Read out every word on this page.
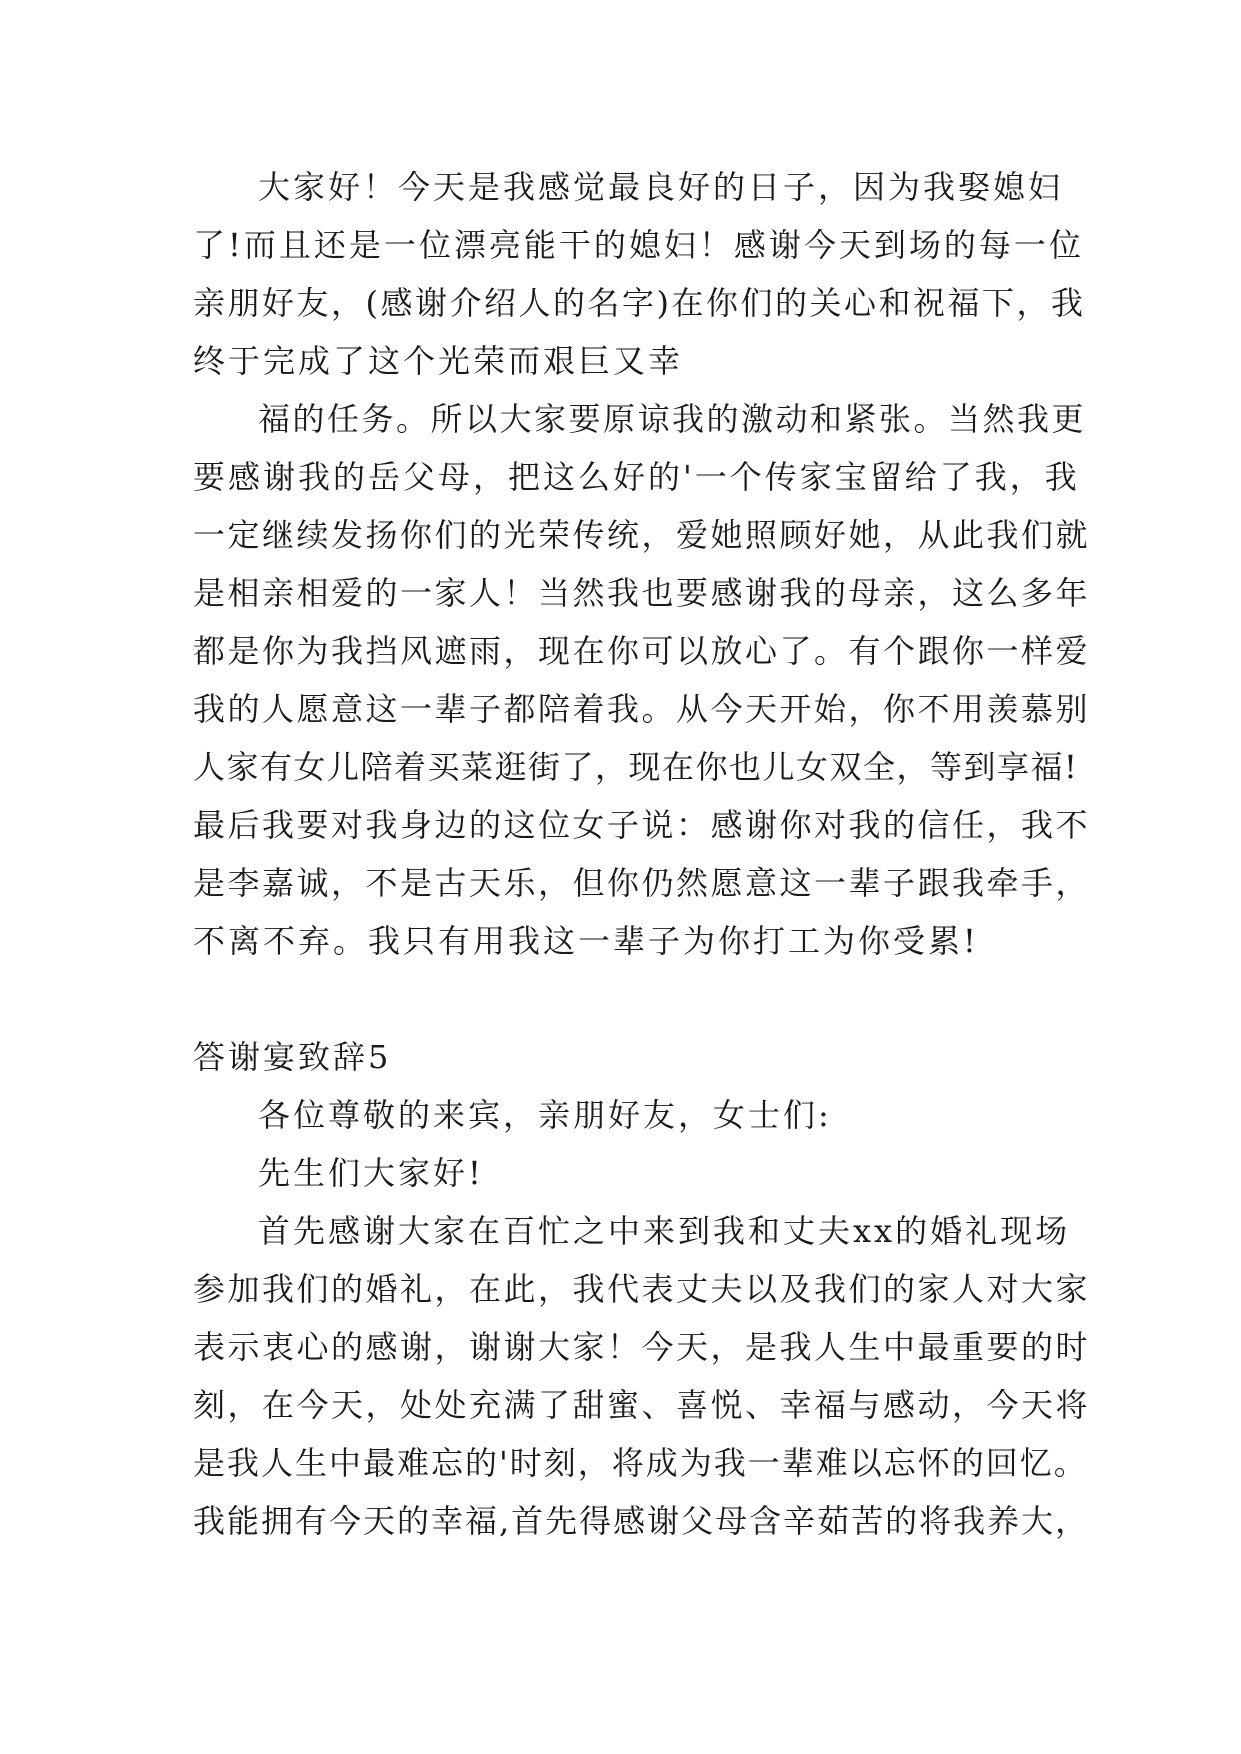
大家好！今天是我感觉最良好的日子，因为我娶媳妇
了!而且还是一位漂亮能干的媳妇！感谢今天到场的每一位
亲朋好友，(感谢介绍人的名字)在你们的关心和祝福下，我
终于完成了这个光荣而艰巨又幸
福的任务。所以大家要原谅我的激动和紧张。当然我更
要感谢我的岳父母，把这么好的'一个传家宝留给了我，我
一定继续发扬你们的光荣传统，爱她照顾好她，从此我们就
是相亲相爱的一家人！当然我也要感谢我的母亲，这么多年
都是你为我挡风遮雨，现在你可以放心了。有个跟你一样爱
我的人愿意这一辈子都陪着我。从今天开始，你不用羡慕别
人家有女儿陪着买菜逛街了，现在你也儿女双全，等到享福!
最后我要对我身边的这位女子说：感谢你对我的信任，我不
是李嘉诚，不是古天乐，但你仍然愿意这一辈子跟我牵手，
不离不弃。我只有用我这一辈子为你打工为你受累!
答谢宴致辞5
各位尊敬的来宾，亲朋好友，女士们:
先生们大家好!
首先感谢大家在百忙之中来到我和丈夫xx的婚礼现场
参加我们的婚礼，在此，我代表丈夫以及我们的家人对大家
表示衷心的感谢，谢谢大家！今天，是我人生中最重要的时
刻，在今天，处处充满了甜蜜、喜悦、幸福与感动，今天将
是我人生中最难忘的'时刻，将成为我一辈难以忘怀的回忆。
我能拥有今天的幸福,首先得感谢父母含辛茹苦的将我养大，
